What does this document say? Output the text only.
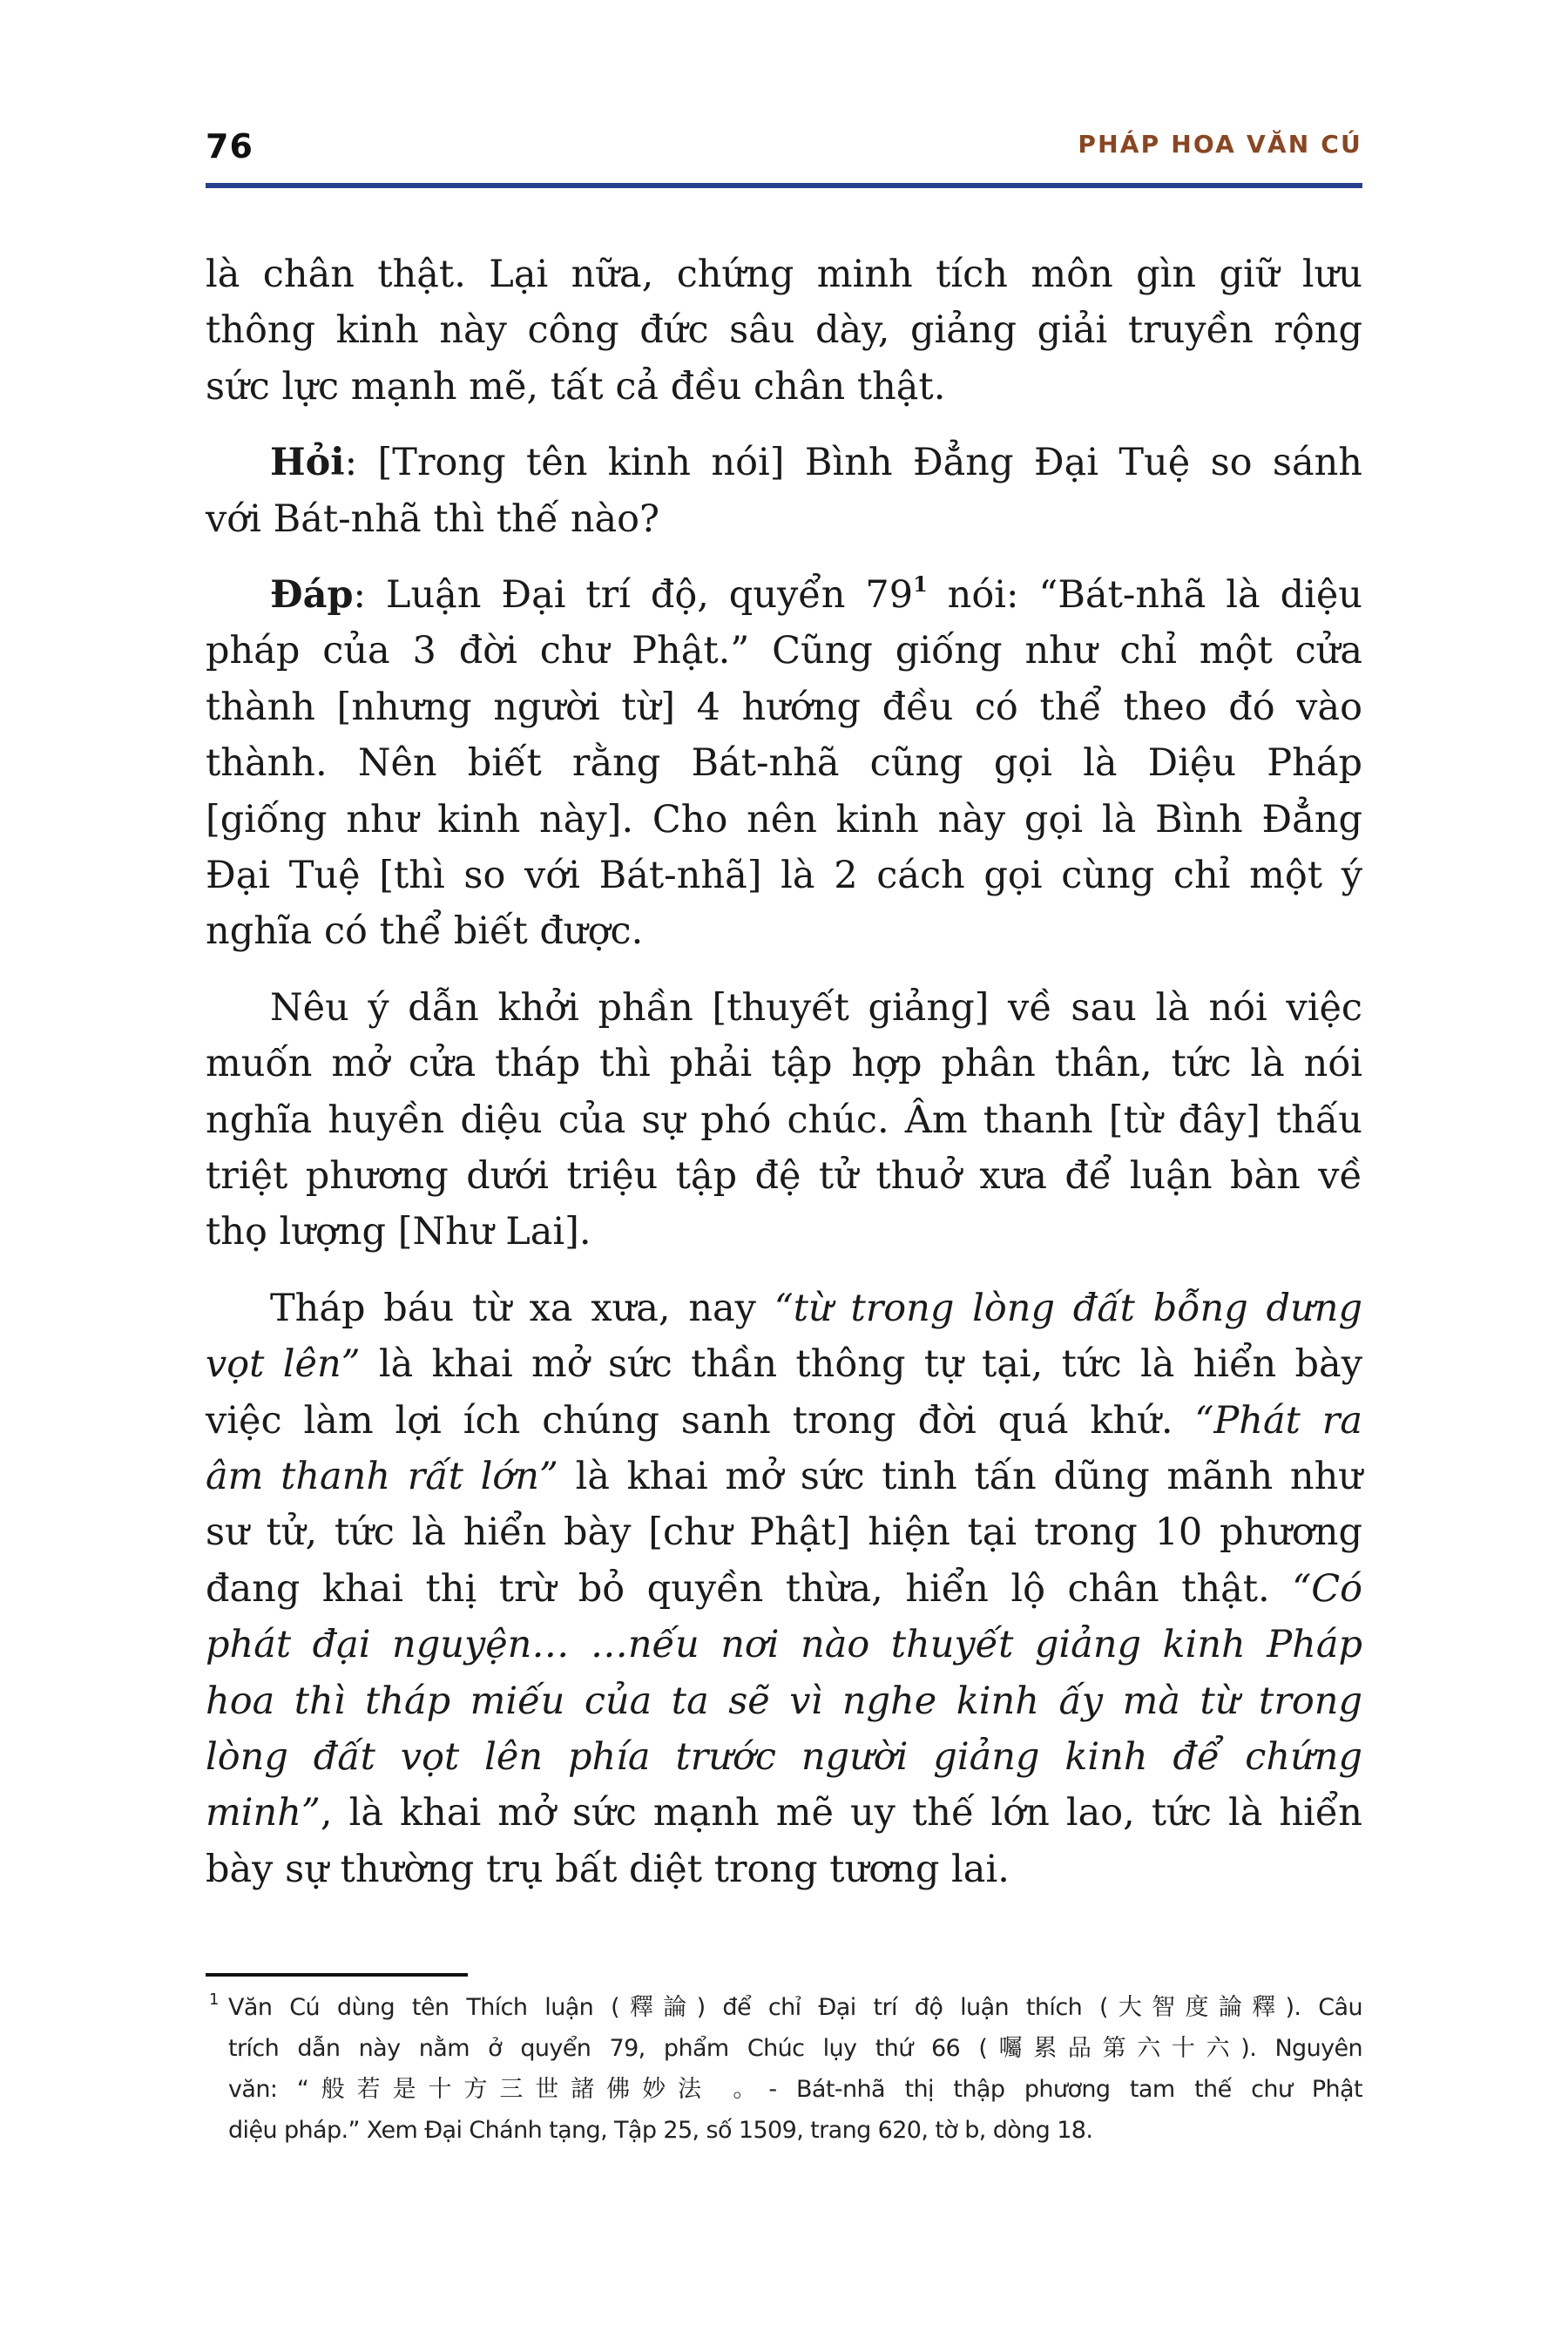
76	PHÁP HOA VĂN CÚ
là chân thật. Lại nữa, chứng minh tích môn gìn giữ lưu
thông kinh này công đức sâu dày, giảng giải truyền rộng
sức lực mạnh mẽ, tất cả đều chân thật.
Hỏi: [Trong tên kinh nói] Bình Đẳng Đại Tuệ so sánh
với Bát-nhã thì thế nào?
Đáp: Luận Đại trí độ, quyển $79^1$ nói: “Bát-nhã là diệu
pháp của 3 đời chư Phật.” Cũng giống như chỉ một cửa
thành [nhưng người từ] 4 hướng đều có thể theo đó vào
thành. Nên biết rằng Bát-nhã cũng gọi là Diệu Pháp
[giống như kinh này]. Cho nên kinh này gọi là Bình Đẳng
Đại Tuệ [thì so với Bát-nhã] là 2 cách gọi cùng chỉ một ý
nghĩa có thể biết được.
Nêu ý dẫn khởi phần [thuyết giảng] về sau là nói việc
muốn mở cửa tháp thì phải tập hợp phân thân, tức là nói
nghĩa huyền diệu của sự phó chúc. Âm thanh [từ đây] thấu
triệt phương dưới triệu tập đệ tử thuở xưa để luận bàn về
thọ lượng [Như Lai].
Tháp báu từ xa xưa, nay “từ trong lòng đất bỗng dưng
vọt lên” là khai mở sức thần thông tự tại, tức là hiển bày
việc làm lợi ích chúng sanh trong đời quá khứ. “Phát ra
âm thanh rất lớn” là khai mở sức tinh tấn dũng mãnh như
sư tử, tức là hiển bày [chư Phật] hiện tại trong 10 phương
đang khai thị trừ bỏ quyền thừa, hiển lộ chân thật. “Có
phát đại nguyện… …nếu nơi nào thuyết giảng kinh Pháp
hoa thì tháp miếu của ta sẽ vì nghe kinh ấy mà từ trong
lòng đất vọt lên phía trước người giảng kinh để chứng
minh”, là khai mở sức mạnh mẽ uy thế lớn lao, tức là hiển
bày sự thường trụ bất diệt trong tương lai.
1 Văn Cú dùng tên Thích luận (釋論) để chỉ Đại trí độ luận thích (大智度論釋). Câu
trích dẫn này nằm ở quyển 79, phẩm Chúc lụy thứ 66 (囑累品第六十六). Nguyên
văn: “般若是十方三世諸佛妙法 。- Bát-nhã thị thập phương tam thế chư Phật
diệu pháp.” Xem Đại Chánh tạng, Tập 25, số 1509, trang 620, tờ b, dòng 18.
